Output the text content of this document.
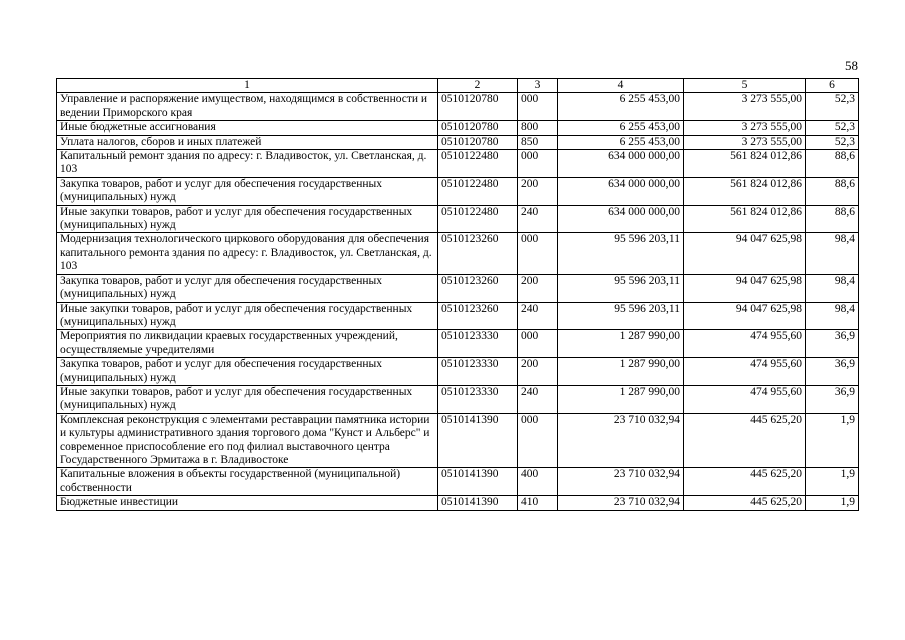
58
1	2	3	4	5	6
Управление и распоряжение имуществом, находящимся в собственности и ведении Приморского края	0510120780	000	6 255 453,00	3 273 555,00	52,3
Иные бюджетные ассигнования	0510120780	800	6 255 453,00	3 273 555,00	52,3
Уплата налогов, сборов и иных платежей	0510120780	850	6 255 453,00	3 273 555,00	52,3
Капитальный ремонт здания по адресу: г. Владивосток, ул. Светланская, д. 103	0510122480	000	634 000 000,00	561 824 012,86	88,6
Закупка товаров, работ и услуг для обеспечения государственных (муниципальных) нужд	0510122480	200	634 000 000,00	561 824 012,86	88,6
Иные закупки товаров, работ и услуг для обеспечения государственных (муниципальных) нужд	0510122480	240	634 000 000,00	561 824 012,86	88,6
Модернизация технологического циркового оборудования для обеспечения капитального ремонта здания по адресу: г. Владивосток, ул. Светланская, д. 103	0510123260	000	95 596 203,11	94 047 625,98	98,4
Закупка товаров, работ и услуг для обеспечения государственных (муниципальных) нужд	0510123260	200	95 596 203,11	94 047 625,98	98,4
Иные закупки товаров, работ и услуг для обеспечения государственных (муниципальных) нужд	0510123260	240	95 596 203,11	94 047 625,98	98,4
Мероприятия по ликвидации краевых государственных учреждений, осуществляемые учредителями	0510123330	000	1 287 990,00	474 955,60	36,9
Закупка товаров, работ и услуг для обеспечения государственных (муниципальных) нужд	0510123330	200	1 287 990,00	474 955,60	36,9
Иные закупки товаров, работ и услуг для обеспечения государственных (муниципальных) нужд	0510123330	240	1 287 990,00	474 955,60	36,9
Комплексная реконструкция с элементами реставрации памятника истории и культуры административного здания торгового дома "Кунст и Альберс" и современное приспособление его под филиал выставочного центра Государственного Эрмитажа в г. Владивостоке	0510141390	000	23 710 032,94	445 625,20	1,9
Капитальные вложения в объекты государственной (муниципальной) собственности	0510141390	400	23 710 032,94	445 625,20	1,9
Бюджетные инвестиции	0510141390	410	23 710 032,94	445 625,20	1,9
